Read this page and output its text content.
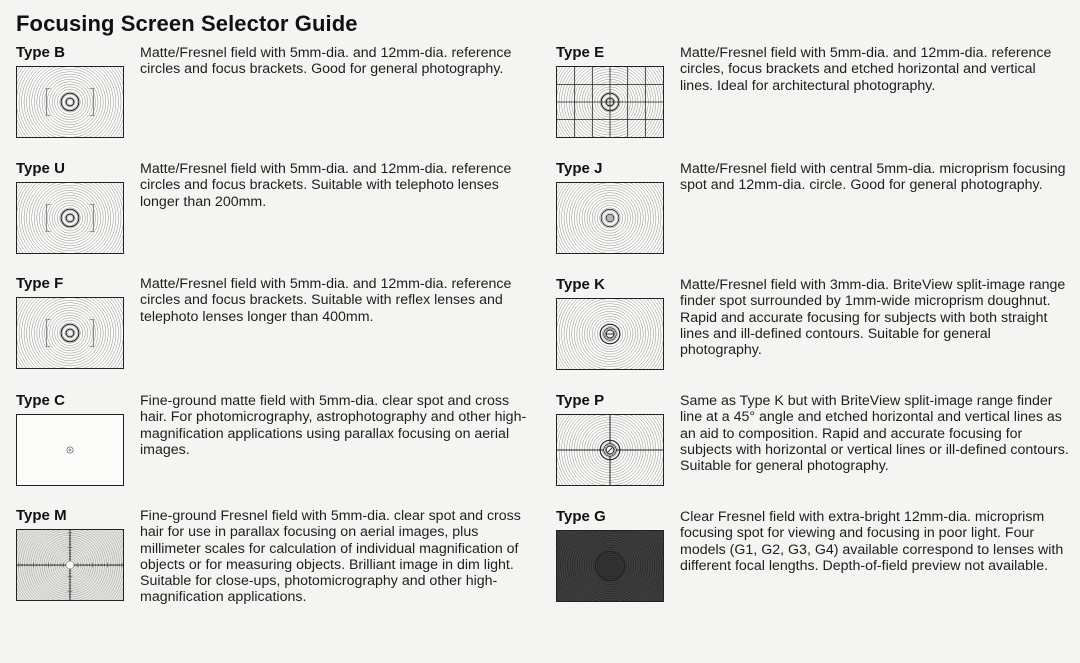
Focusing Screen Selector Guide
Type B	Matte/Fresnel field with 5mm-dia. and 12mm-dia. reference circles and focus brackets. Good for general photography.

Type U	Matte/Fresnel field with 5mm-dia. and 12mm-dia. reference circles and focus brackets. Suitable with telephoto lenses longer than 200mm.

Type F	Matte/Fresnel field with 5mm-dia. and 12mm-dia. reference circles and focus brackets. Suitable with reflex lenses and telephoto lenses longer than 400mm.

Type C	Fine-ground matte field with 5mm-dia. clear spot and cross hair. For photomicrography, astrophotography and other high-magnification applications using parallax focusing on aerial images.

Type M	Fine-ground Fresnel field with 5mm-dia. clear spot and cross hair for use in parallax focusing on aerial images, plus millimeter scales for calculation of individual magnification of objects or for measuring objects. Brilliant image in dim light. Suitable for close-ups, photomicrography and other high-magnification applications.

Type E	Matte/Fresnel field with 5mm-dia. and 12mm-dia. reference circles, focus brackets and etched horizontal and vertical lines. Ideal for architectural photography.

Type J	Matte/Fresnel field with central 5mm-dia. microprism focusing spot and 12mm-dia. circle. Good for general photography.

Type K	Matte/Fresnel field with 3mm-dia. BriteView split-image range finder spot surrounded by 1mm-wide microprism doughnut. Rapid and accurate focusing for subjects with both straight lines and ill-defined contours. Suitable for general photography.

Type P	Same as Type K but with BriteView split-image range finder line at a 45° angle and etched horizontal and vertical lines as an aid to composition. Rapid and accurate focusing for subjects with horizontal or vertical lines or ill-defined contours. Suitable for general photography.

Type G	Clear Fresnel field with extra-bright 12mm-dia. microprism focusing spot for viewing and focusing in poor light. Four models (G1, G2, G3, G4) available correspond to lenses with different focal lengths. Depth-of-field preview not available.
